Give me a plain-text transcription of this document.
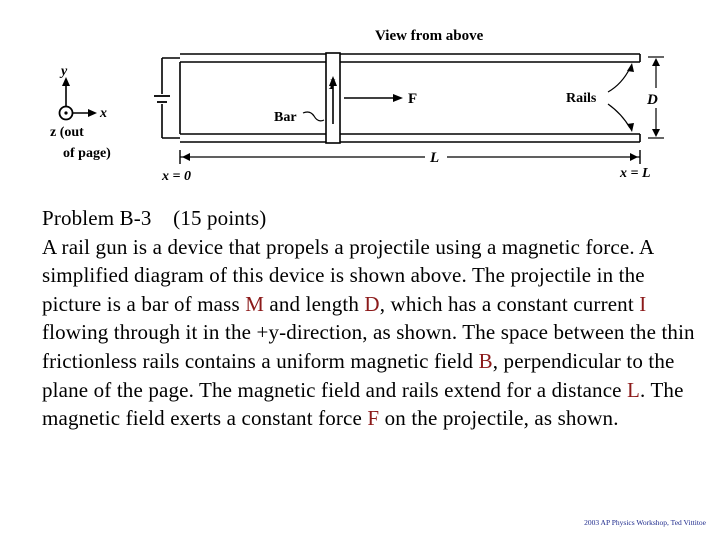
View from above
y
x
z (out
of page)
I
F
Bar
Rails	D
L
x = 0	x = L

Problem B-3 (15 points)

A rail gun is a device that propels a projectile using a magnetic force. A simplified diagram of this device is shown above. The projectile in the picture is a bar of mass M and length D, which has a constant current I flowing through it in the +y-direction, as shown. The space between the thin frictionless rails contains a uniform magnetic field B, perpendicular to the plane of the page. The magnetic field and rails extend for a distance L. The magnetic field exerts a constant force F on the projectile, as shown.

2003 AP Physics Workshop, Ted Vittitoe
